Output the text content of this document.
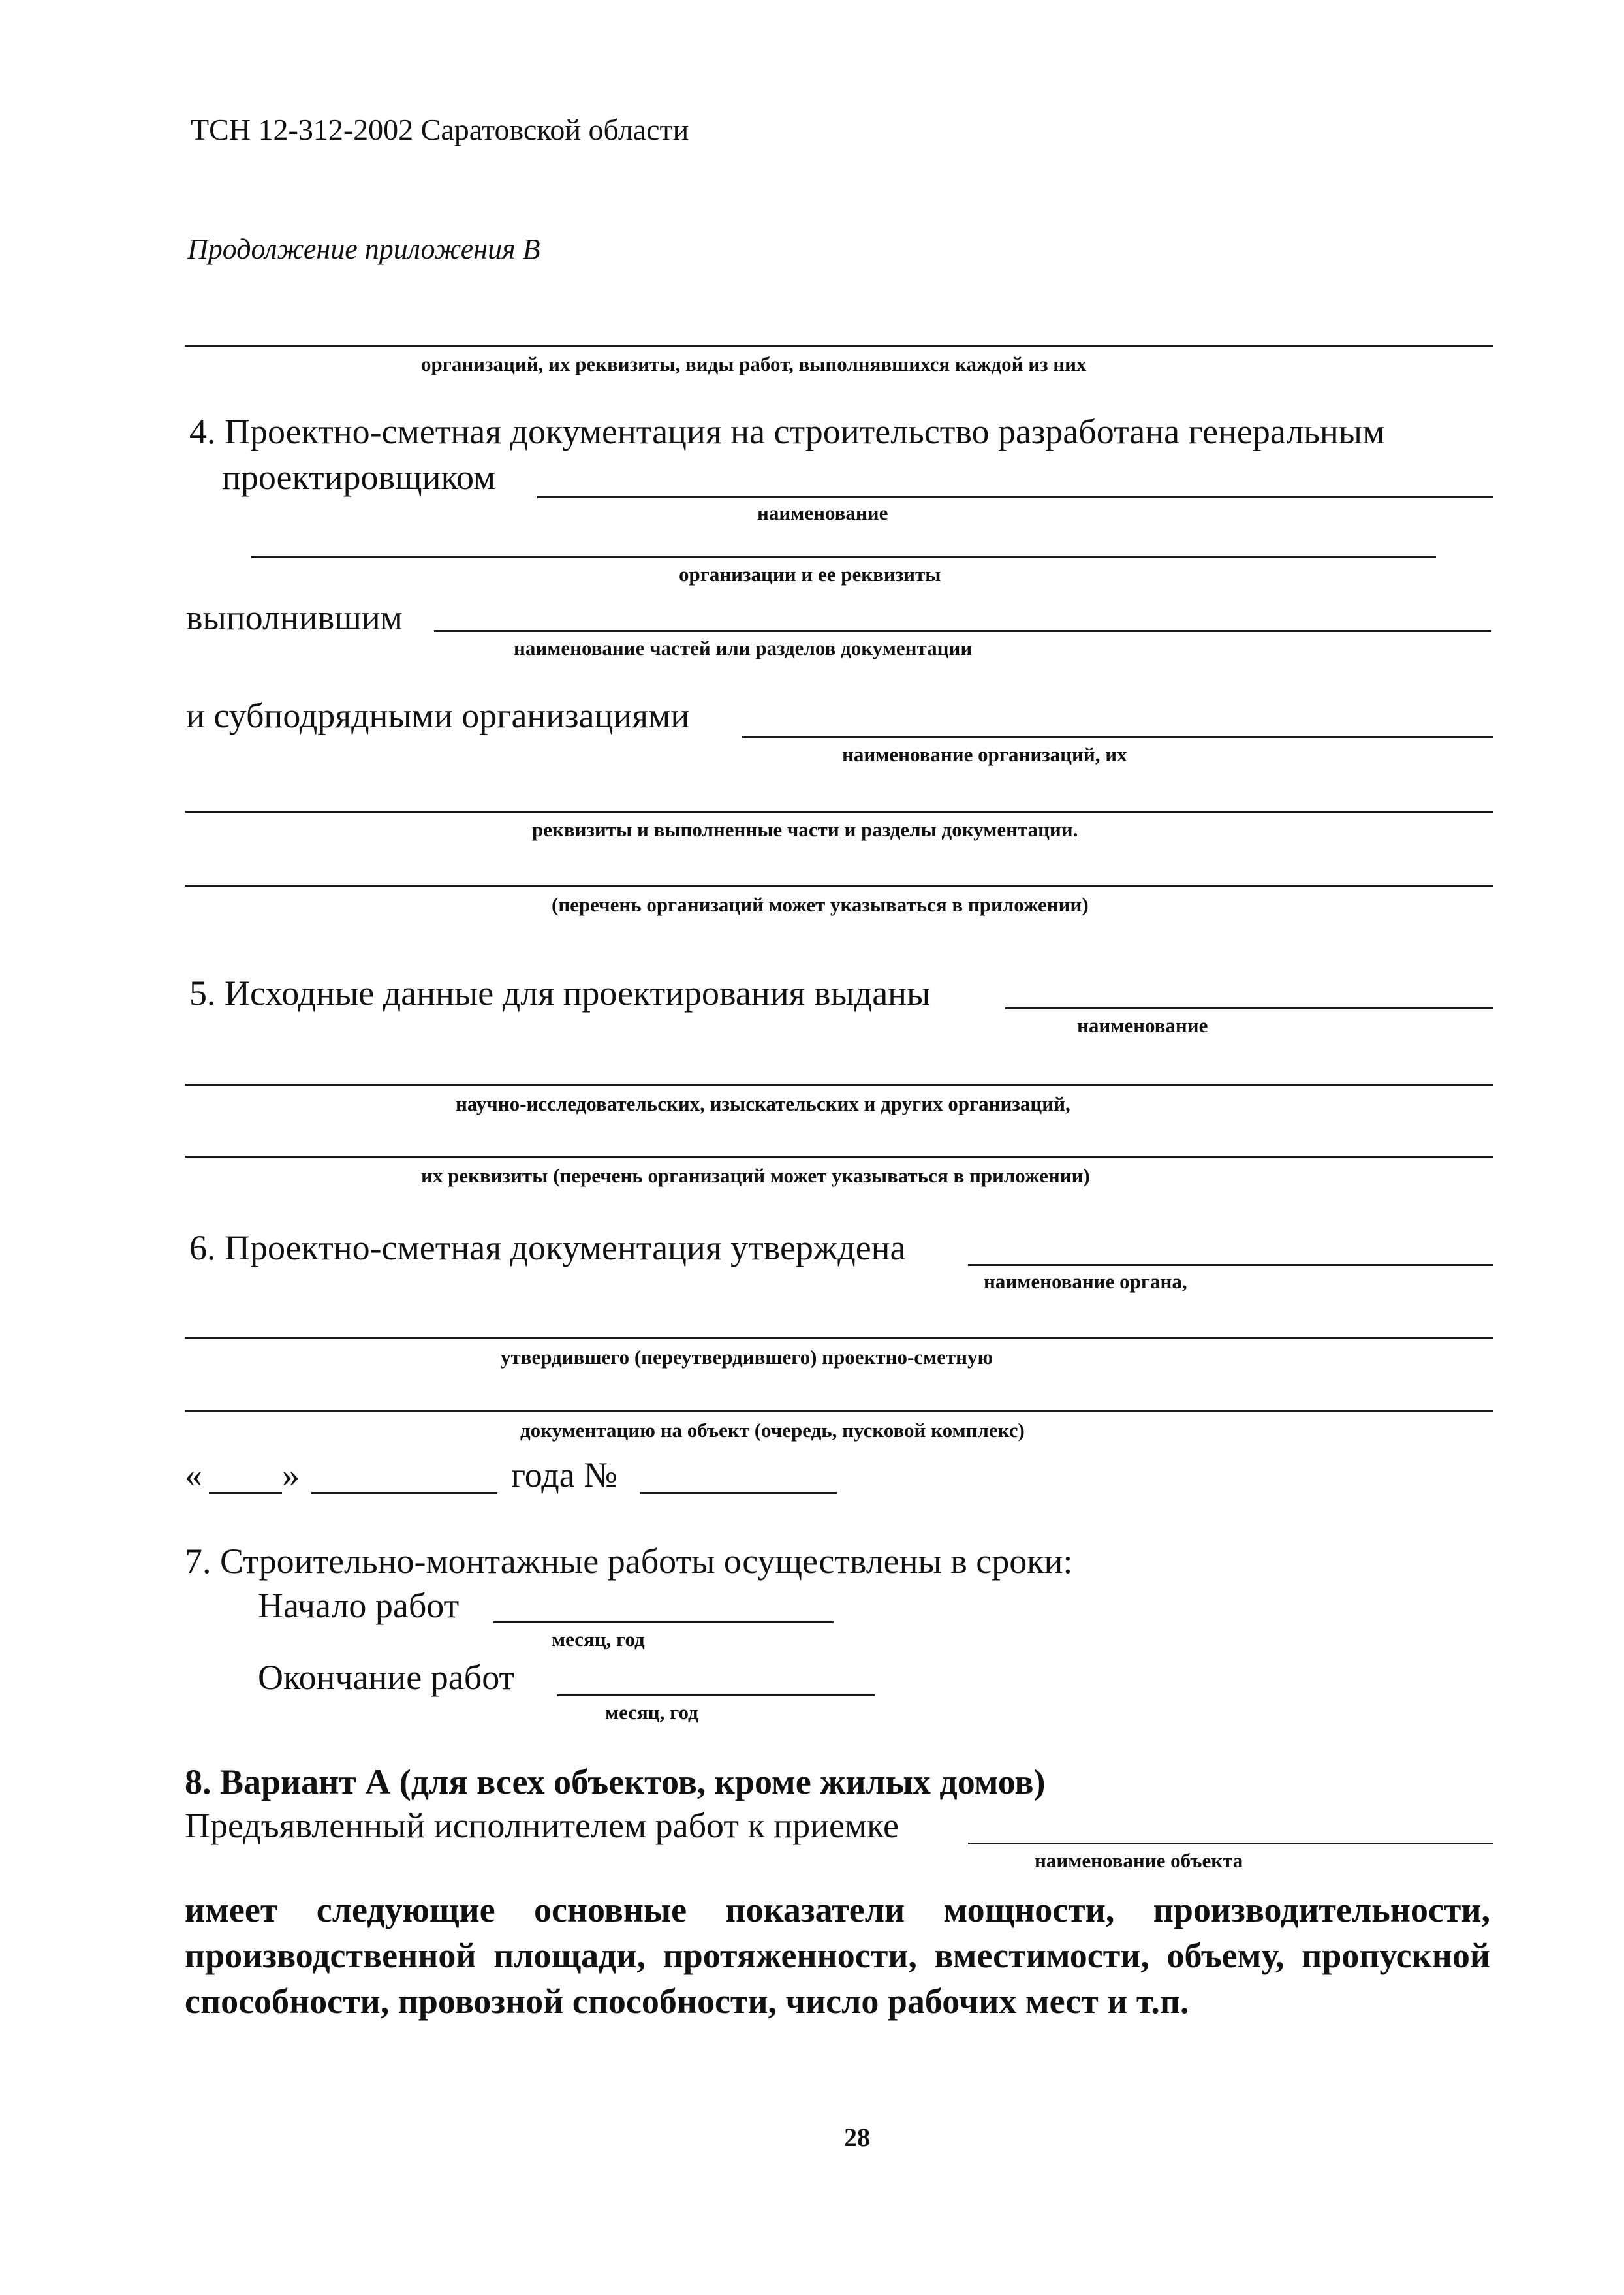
ТСН 12-312-2002 Саратовской области
Продолжение приложения В
организаций, их реквизиты, виды работ, выполнявшихся каждой из них
4. Проектно-сметная документация на строительство разработана генеральным
проектировщиком
наименование
организации и ее реквизиты
выполнившим
наименование частей или разделов документации
и субподрядными организациями
наименование организаций, их
реквизиты и выполненные части и разделы документации.
(перечень организаций может указываться в приложении)
5. Исходные данные для проектирования выданы
наименование
научно-исследовательских, изыскательских и других организаций,
их реквизиты (перечень организаций может указываться в приложении)
6. Проектно-сметная документация утверждена
наименование органа,
утвердившего (переутвердившего) проектно-сметную
документацию на объект (очередь, пусковой комплекс)
« »	года №
7. Строительно-монтажные работы осуществлены в сроки:
Начало работ
месяц, год
Окончание работ
месяц, год
8. Вариант А (для всех объектов, кроме жилых домов)
Предъявленный исполнителем работ к приемке
наименование объекта
имеет следующие основные показатели мощности, производительности, производственной площади, протяженности, вместимости, объему, пропускной способности, провозной способности, число рабочих мест и т.п.
28
